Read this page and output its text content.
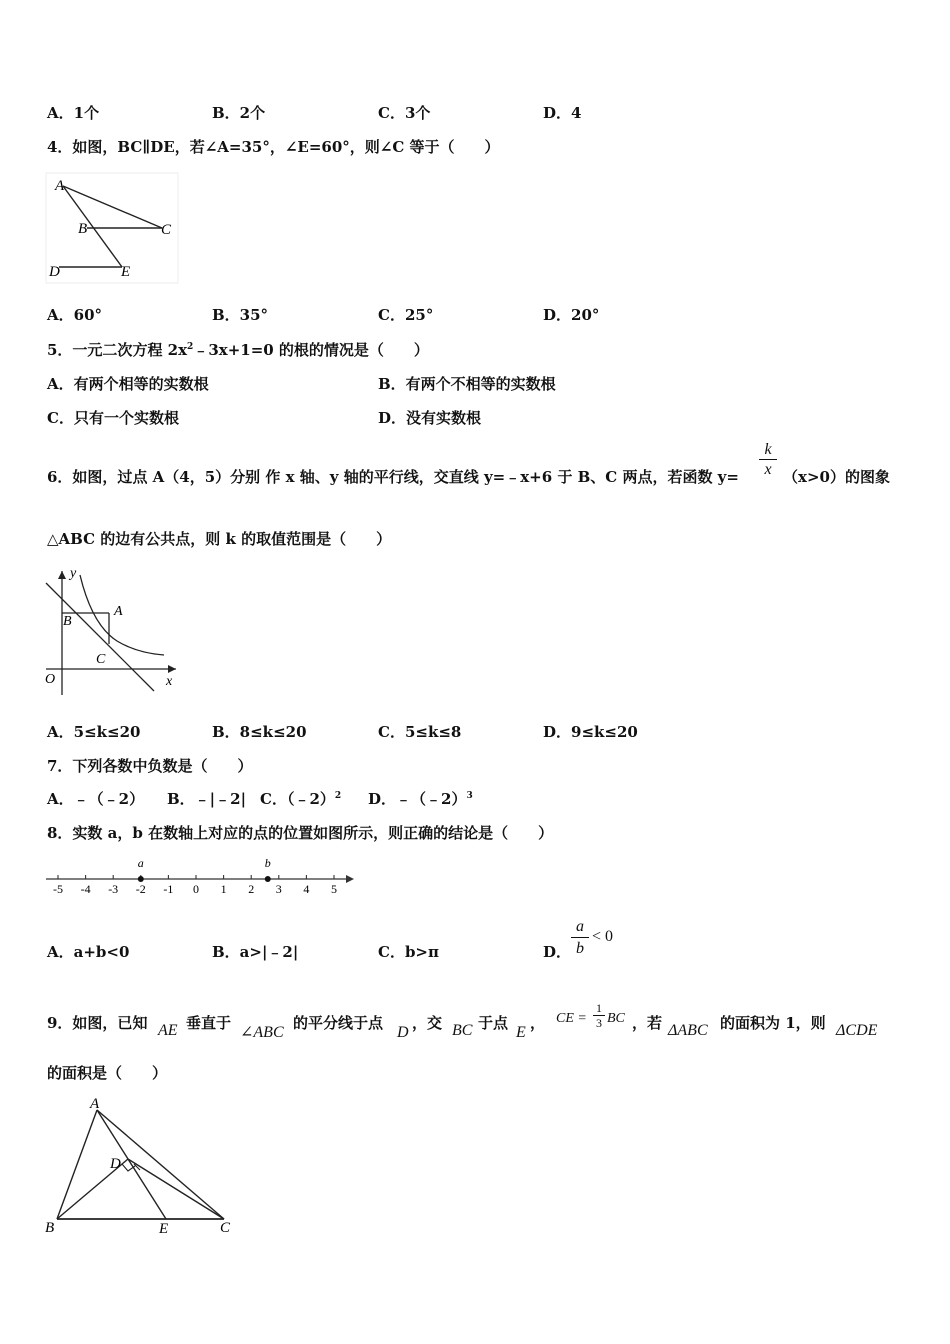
A．1个	B．2个	C．3个	D．4
4．如图，BC∥DE，若∠A=35°，∠E=60°，则∠C 等于（　　）
A
B	C
D	E
A．60°	B．35°	C．25°	D．20°
5．一元二次方程 $2x^2﹣3x+1=0$ 的根的情况是（　　）
A．有两个相等的实数根	B．有两个不相等的实数根
C．只有一个实数根	D．没有实数根
6．如图，过点 A（4，5）分别 作 x 轴、y 轴的平行线，交直线 y=﹣x+6 于 B、C 两点，若函数 y=
k
x （x>0）的图象
△ABC 的边有公共点，则 k 的取值范围是（　　）
y
A
B
C
O	x
A．5≤k≤20	B．8≤k≤20	C．5≤k≤8	D．9≤k≤20
7．下列各数中负数是（　　）
A．﹣（﹣2） B．﹣|﹣2| C．（﹣2）$^2$ D．﹣（﹣2）$^3$
8．实数 a，b 在数轴上对应的点的位置如图所示，则正确的结论是（　　）
-5 -4 -3 -2 -1 0 1 2 3 4 5
a	b
A．a+b<0	B．a>|﹣2|	C．b>π	D．
a
b
< 0
9．如图，已知 AE 垂直于
∠ABC
的平分线于点
D
，交 BC 于点
E
， CE =
1
3 BC ，若 ΔABC 的面积为 1，则 ΔCDE
的面积是（　　）
A
B	C
D
E
